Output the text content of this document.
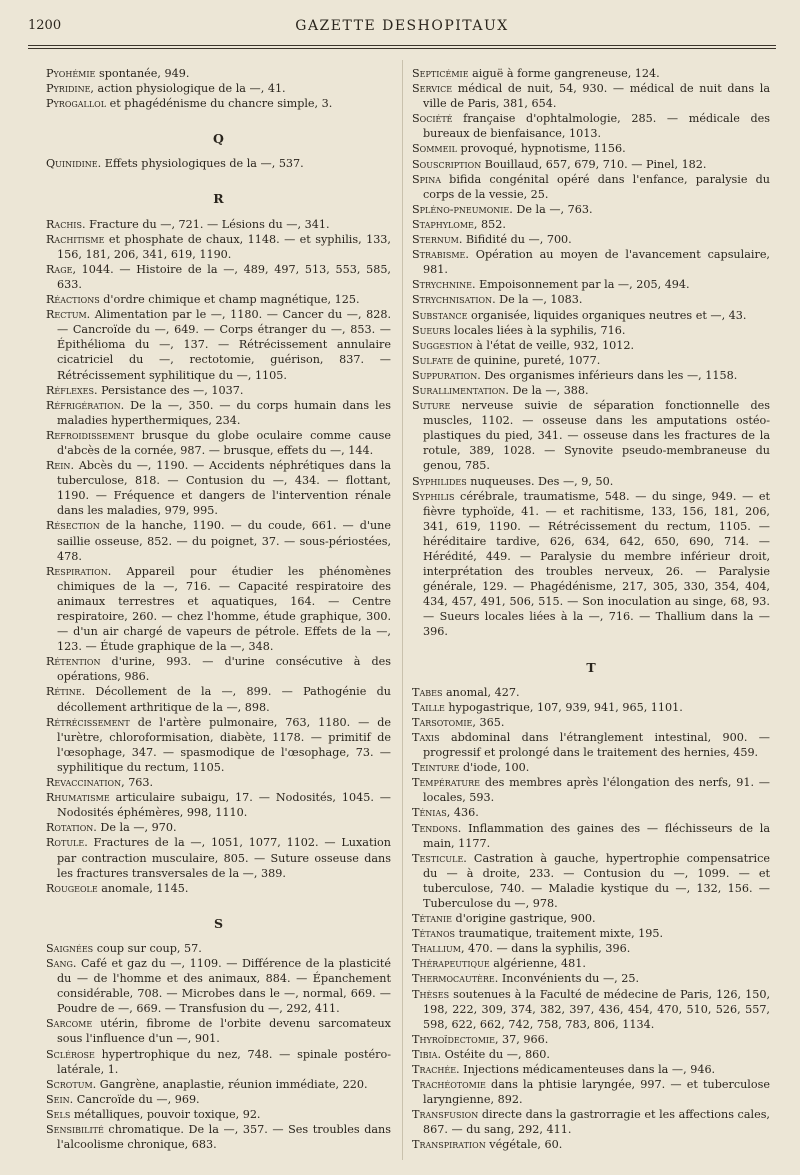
1200	GAZETTE DESHOPITAUX

Pyohémie spontanée, 949.

Pyridine, action physiologique de la —, 41.

Pyrogallol et phagédénisme du chancre simple, 3.

Q

Quinidine. Effets physiologiques de la —, 537.

R

Rachis. Fracture du —, 721. — Lésions du —, 341.

Rachitisme et phosphate de chaux, 1148. — et syphilis, 133, 156, 181, 206, 341, 619, 1190.

Rage, 1044. — Histoire de la —, 489, 497, 513, 553, 585, 633.

Réactions d'ordre chimique et champ magnétique, 125.

Rectum. Alimentation par le —, 1180. — Cancer du —, 828. — Cancroïde du —, 649. — Corps étranger du —, 853. — Épithélioma du —, 137. — Rétrécissement annulaire cicatriciel du —, rectotomie, guérison, 837. — Rétrécissement syphilitique du —, 1105.

Réflexes. Persistance des —, 1037.

Réfrigération. De la —, 350. — du corps humain dans les maladies hyperthermiques, 234.

Refroidissement brusque du globe oculaire comme cause d'abcès de la cornée, 987. — brusque, effets du —, 144.

Rein. Abcès du —, 1190. — Accidents néphrétiques dans la tuberculose, 818. — Contusion du —, 434. — flottant, 1190. — Fréquence et dangers de l'intervention rénale dans les maladies, 979, 995.

Résection de la hanche, 1190. — du coude, 661. — d'une saillie osseuse, 852. — du poignet, 37. — sous-périostées, 478.

Respiration. Appareil pour étudier les phénomènes chimiques de la —, 716. — Capacité respiratoire des animaux terrestres et aquatiques, 164. — Centre respiratoire, 260. — chez l'homme, étude graphique, 300. — d'un air chargé de vapeurs de pétrole. Effets de la —, 123. — Étude graphique de la —, 348.

Rétention d'urine, 993. — d'urine consécutive à des opérations, 986.

Rétine. Décollement de la —, 899. — Pathogénie du décollement arthritique de la —, 898.

Rétrécissement de l'artère pulmonaire, 763, 1180. — de l'urètre, chloroformisation, diabète, 1178. — primitif de l'œsophage, 347. — spasmodique de l'œsophage, 73. — syphilitique du rectum, 1105.

Revaccination, 763.

Rhumatisme articulaire subaigu, 17. — Nodosités, 1045. — Nodosités éphémères, 998, 1110.

Rotation. De la —, 970.

Rotule. Fractures de la —, 1051, 1077, 1102. — Luxation par contraction musculaire, 805. — Suture osseuse dans les fractures transversales de la —, 389.

Rougeole anomale, 1145.

S

Saignées coup sur coup, 57.

Sang. Café et gaz du —, 1109. — Différence de la plasticité du — de l'homme et des animaux, 884. — Épanchement considérable, 708. — Microbes dans le —, normal, 669. — Poudre de —, 669. — Transfusion du —, 292, 411.

Sarcome utérin, fibrome de l'orbite devenu sarcomateux sous l'influence d'un —, 901.

Sclérose hypertrophique du nez, 748. — spinale postéro-latérale, 1.

Scrotum. Gangrène, anaplastie, réunion immédiate, 220.

Sein. Cancroïde du —, 969.

Sels métalliques, pouvoir toxique, 92.

Sensibilité chromatique. De la —, 357. — Ses troubles dans l'alcoolisme chronique, 683.

Septicémie aiguë à forme gangreneuse, 124.

Service médical de nuit, 54, 930. — médical de nuit dans la ville de Paris, 381, 654.

Société française d'ophtalmologie, 285. — médicale des bureaux de bienfaisance, 1013.

Sommeil provoqué, hypnotisme, 1156.

Souscription Bouillaud, 657, 679, 710. — Pinel, 182.

Spina bifida congénital opéré dans l'enfance, paralysie du corps de la vessie, 25.

Spléno-pneumonie. De la —, 763.

Staphylome, 852.

Sternum. Bifidité du —, 700.

Strabisme. Opération au moyen de l'avancement capsulaire, 981.

Strychnine. Empoisonnement par la —, 205, 494.

Strychnisation. De la —, 1083.

Substance organisée, liquides organiques neutres et —, 43.

Sueurs locales liées à la syphilis, 716.

Suggestion à l'état de veille, 932, 1012.

Sulfate de quinine, pureté, 1077.

Suppuration. Des organismes inférieurs dans les —, 1158.

Surallimentation. De la —, 388.

Suture nerveuse suivie de séparation fonctionnelle des muscles, 1102. — osseuse dans les amputations ostéo-plastiques du pied, 341. — osseuse dans les fractures de la rotule, 389, 1028. — Synovite pseudo-membraneuse du genou, 785.

Syphilides nuqueuses. Des —, 9, 50.

Syphilis cérébrale, traumatisme, 548. — du singe, 949. — et fièvre typhoïde, 41. — et rachitisme, 133, 156, 181, 206, 341, 619, 1190. — Rétrécissement du rectum, 1105. — héréditaire tardive, 626, 634, 642, 650, 690, 714. — Hérédité, 449. — Paralysie du membre inférieur droit, interprétation des troubles nerveux, 26. — Paralysie générale, 129. — Phagédénisme, 217, 305, 330, 354, 404, 434, 457, 491, 506, 515. — Son inoculation au singe, 68, 93. — Sueurs locales liées à la —, 716. — Thallium dans la — 396.

T

Tabes anomal, 427.

Taille hypogastrique, 107, 939, 941, 965, 1101.

Tarsotomie, 365.

Taxis abdominal dans l'étranglement intestinal, 900. — progressif et prolongé dans le traitement des hernies, 459.

Teinture d'iode, 100.

Température des membres après l'élongation des nerfs, 91. — locales, 593.

Ténias, 436.

Tendons. Inflammation des gaines des — fléchisseurs de la main, 1177.

Testicule. Castration à gauche, hypertrophie compensatrice du — à droite, 233. — Contusion du —, 1099. — et tuberculose, 740. — Maladie kystique du —, 132, 156. — Tuberculose du —, 978.

Tétanie d'origine gastrique, 900.

Tétanos traumatique, traitement mixte, 195.

Thallium, 470. — dans la syphilis, 396.

Thérapeutique algérienne, 481.

Thermocautère. Inconvénients du —, 25.

Thèses soutenues à la Faculté de médecine de Paris, 126, 150, 198, 222, 309, 374, 382, 397, 436, 454, 470, 510, 526, 557, 598, 622, 662, 742, 758, 783, 806, 1134.

Thyroïdectomie, 37, 966.

Tibia. Ostéite du —, 860.

Trachée. Injections médicamenteuses dans la —, 946.

Trachéotomie dans la phtisie laryngée, 997. — et tuberculose laryngienne, 892.

Transfusion directe dans la gastrorragie et les affections cales, 867. — du sang, 292, 411.

Transpiration végétale, 60.
